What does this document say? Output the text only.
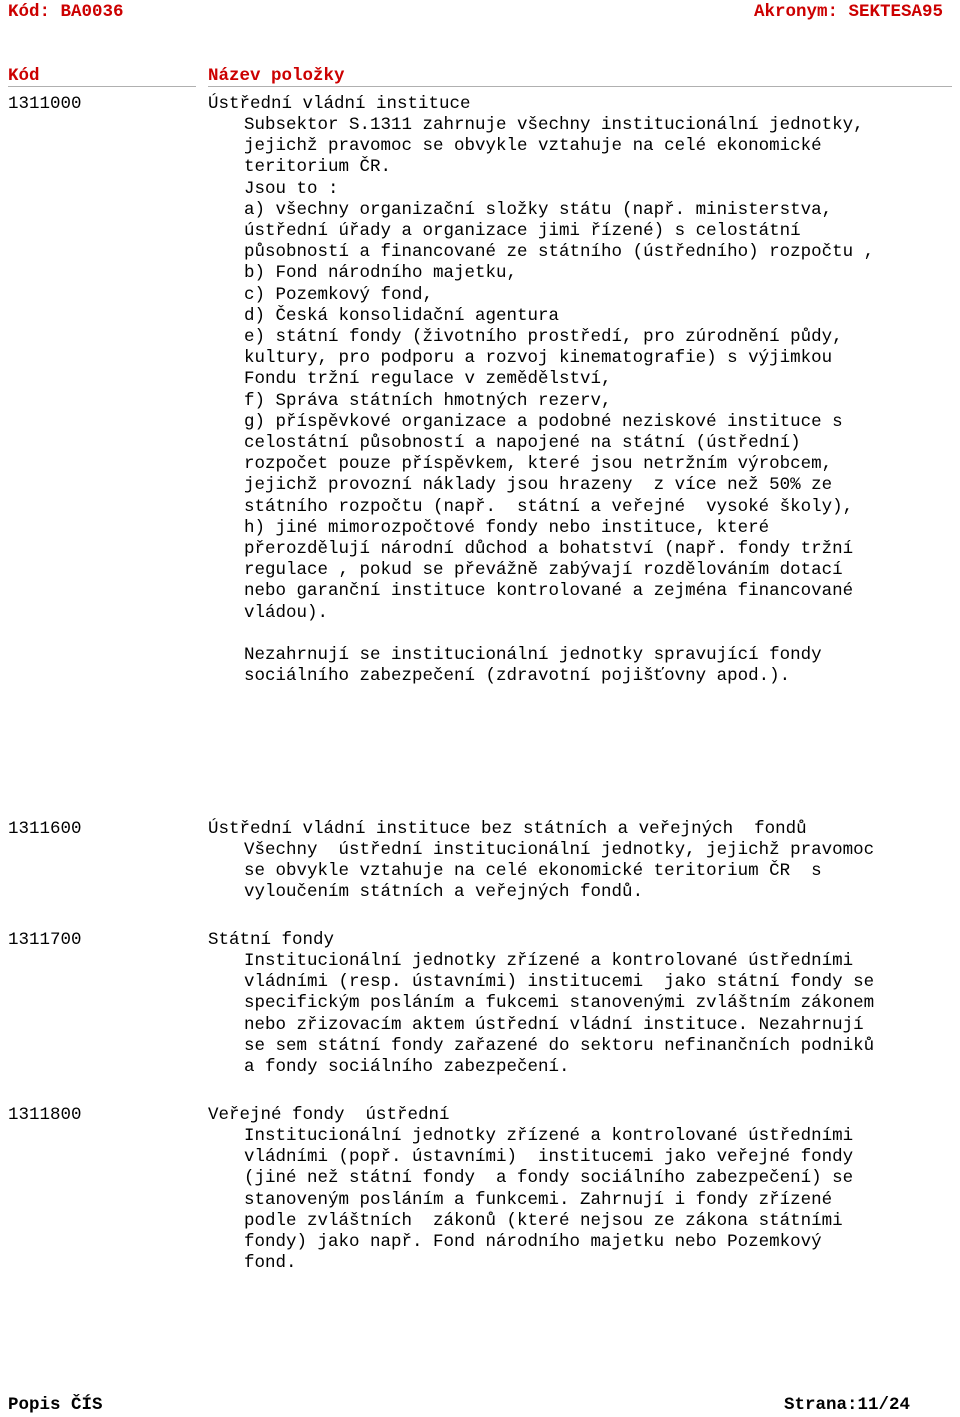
Kód: BA0036	Akronym: SEKTESA95
Kód	Název položky
1311000	Ústřední vládní instituce
Subsektor S.1311 zahrnuje všechny institucionální jednotky,
jejichž pravomoc se obvykle vztahuje na celé ekonomické
teritorium ČR.
Jsou to :
a) všechny organizační složky státu (např. ministerstva,
ústřední úřady a organizace jimi řízené) s celostátní
působností a financované ze státního (ústředního) rozpočtu ,
b) Fond národního majetku,
c) Pozemkový fond,
d) Česká konsolidační agentura
e) státní fondy (životního prostředí, pro zúrodnění půdy,
kultury, pro podporu a rozvoj kinematografie) s výjimkou
Fondu tržní regulace v zemědělství,
f) Správa státních hmotných rezerv,
g) příspěvkové organizace a podobné neziskové instituce s
celostátní působností a napojené na státní (ústřední)
rozpočet pouze příspěvkem, které jsou netržním výrobcem,
jejichž provozní náklady jsou hrazeny  z více než 50% ze
státního rozpočtu (např.  státní a veřejné  vysoké školy),
h) jiné mimorozpočtové fondy nebo instituce, které
přerozdělují národní důchod a bohatství (např. fondy tržní
regulace , pokud se převážně zabývají rozdělováním dotací
nebo garanční instituce kontrolované a zejména financované
vládou).

Nezahrnují se institucionální jednotky spravující fondy
sociálního zabezpečení (zdravotní pojišťovny apod.).
1311600	Ústřední vládní instituce bez státních a veřejných  fondů
Všechny  ústřední institucionální jednotky, jejichž pravomoc
se obvykle vztahuje na celé ekonomické teritorium ČR  s
vyloučením státních a veřejných fondů.
1311700	Státní fondy
Institucionální jednotky zřízené a kontrolované ústředními
vládními (resp. ústavními) institucemi  jako státní fondy se
specifickým posláním a fukcemi stanovenými zvláštním zákonem
nebo zřizovacím aktem ústřední vládní instituce. Nezahrnují
se sem státní fondy zařazené do sektoru nefinančních podniků
a fondy sociálního zabezpečení.
1311800	Veřejné fondy  ústřední
Institucionální jednotky zřízené a kontrolované ústředními
vládními (popř. ústavními)  institucemi jako veřejné fondy
(jiné než státní fondy  a fondy sociálního zabezpečení) se
stanoveným posláním a funkcemi. Zahrnují i fondy zřízené
podle zvláštních  zákonů (které nejsou ze zákona státními
fondy) jako např. Fond národního majetku nebo Pozemkový
fond.
Popis ČÍS	Strana:11/24
